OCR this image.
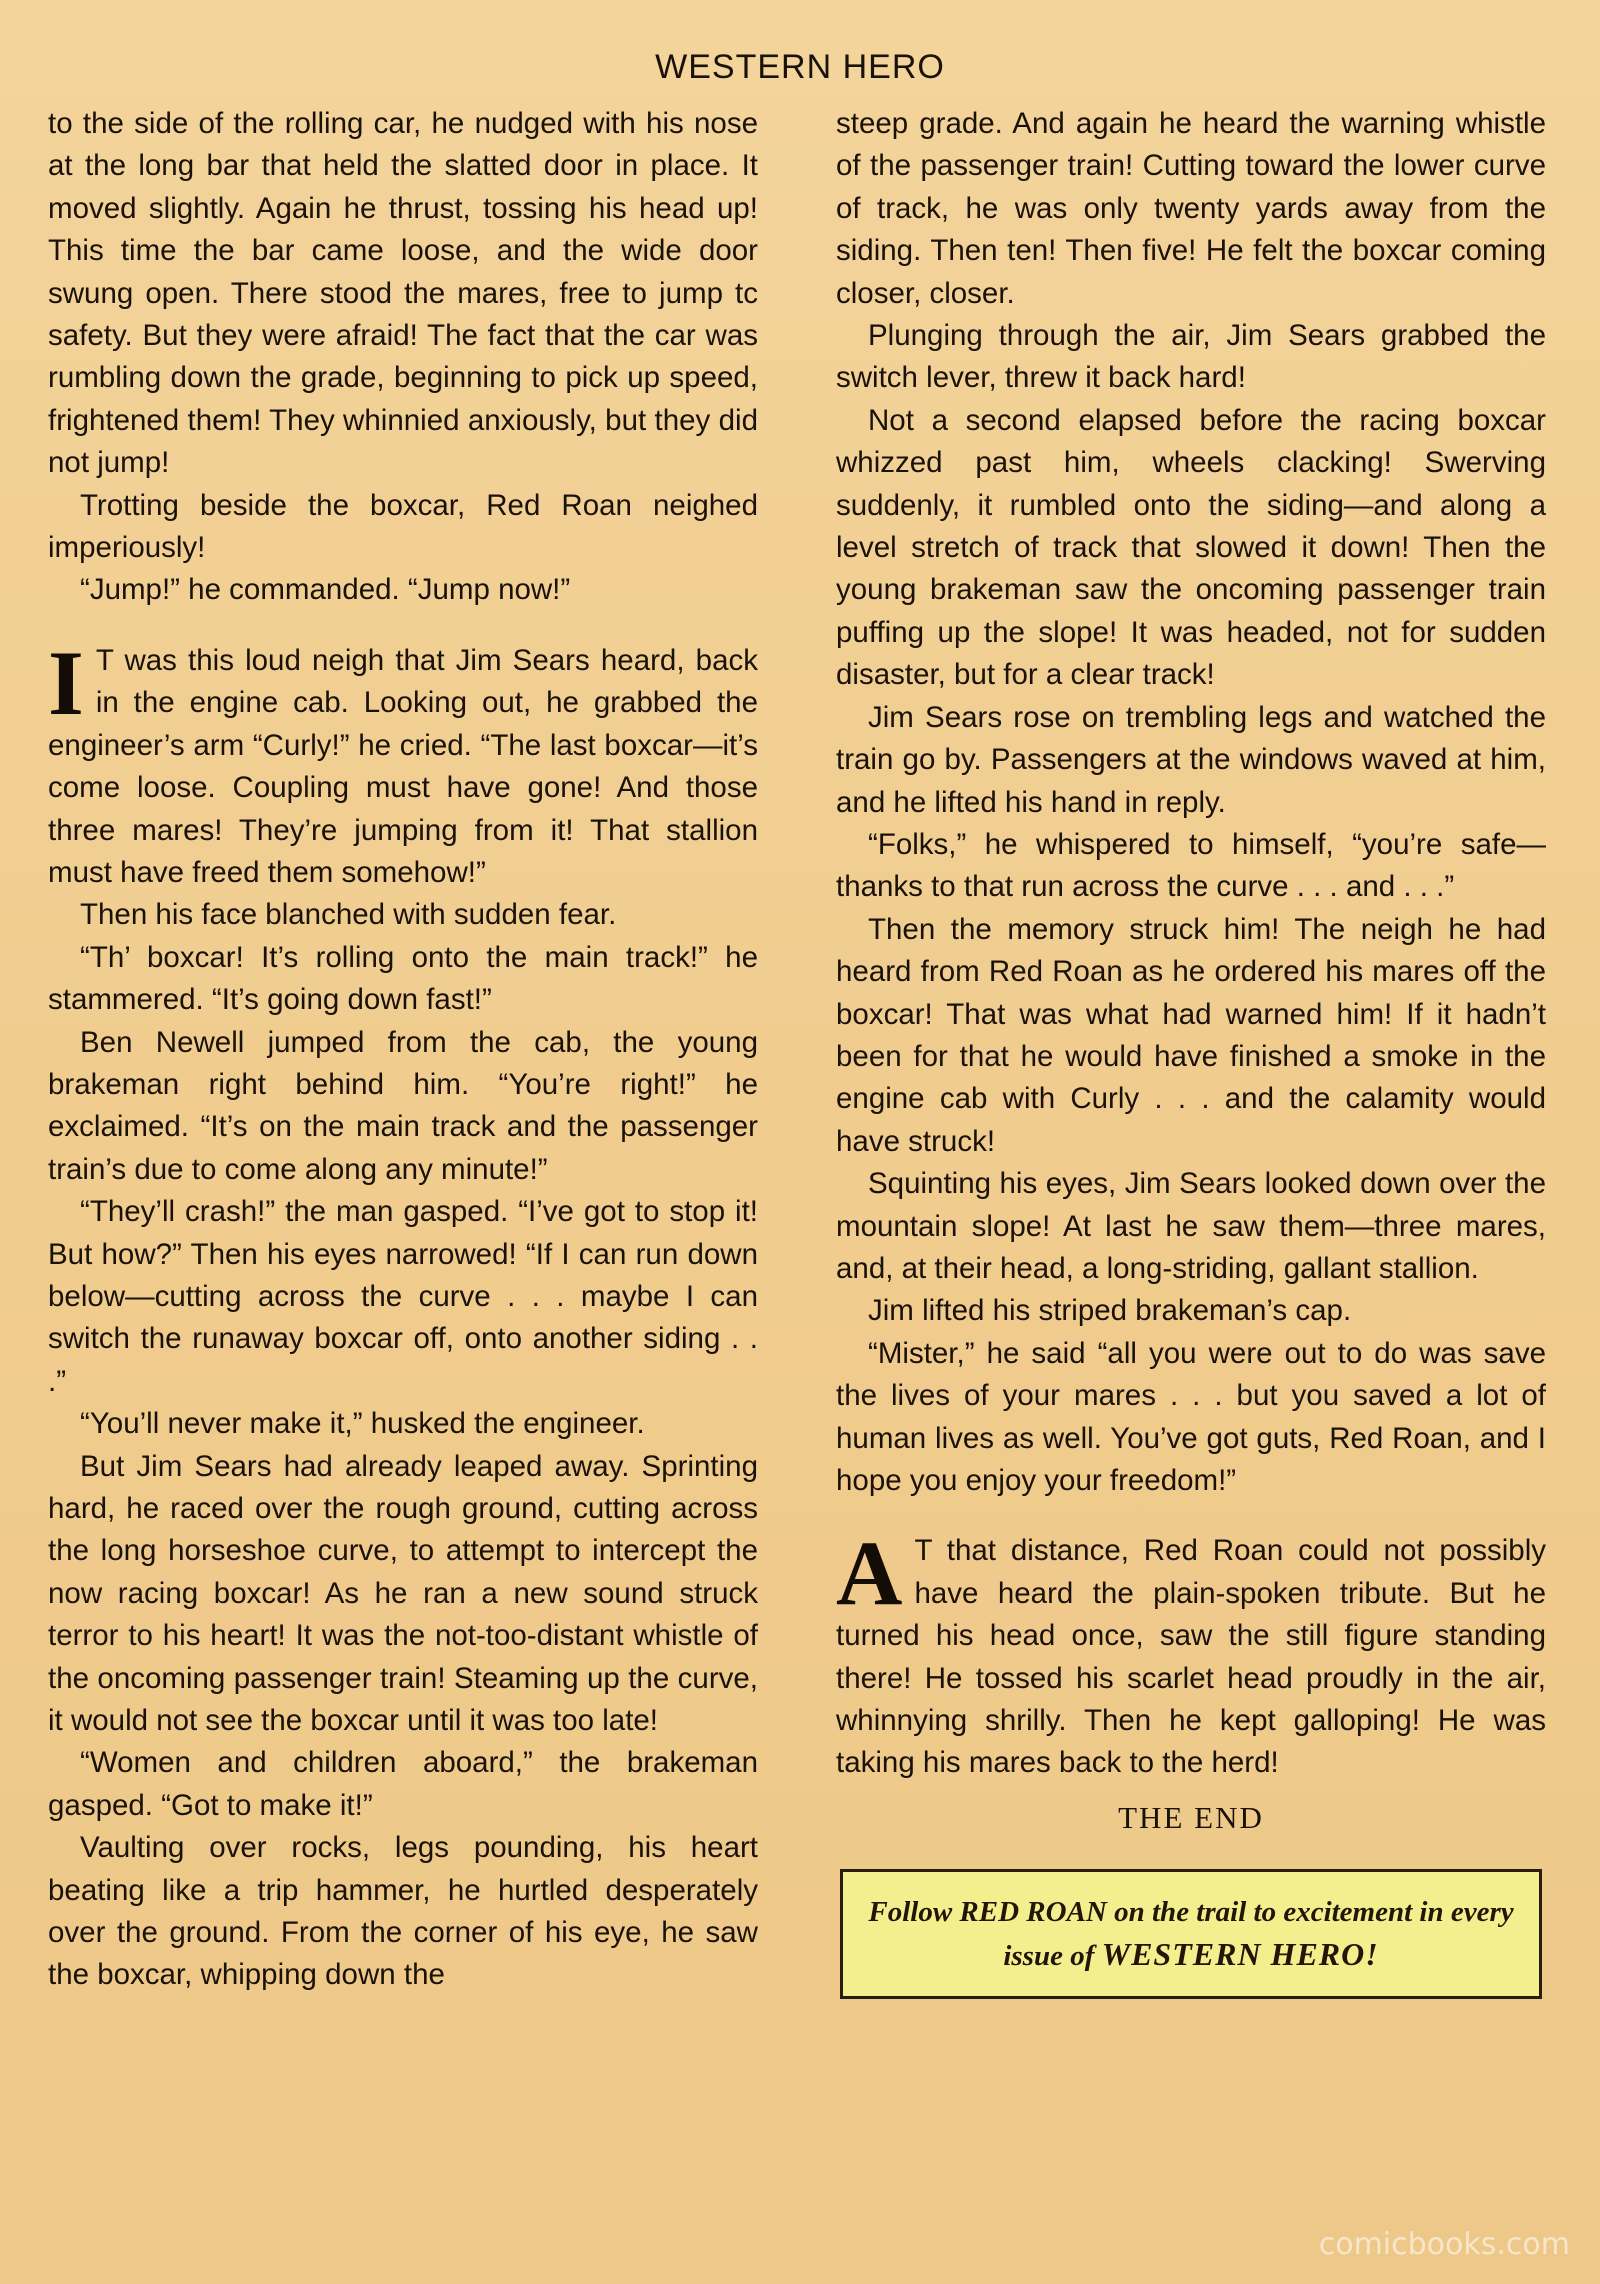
WESTERN HERO

to the side of the rolling car, he nudged with his nose at the long bar that held the slatted door in place. It moved slightly. Again he thrust, tossing his head up! This time the bar came loose, and the wide door swung open. There stood the mares, free to jump tc safety. But they were afraid! The fact that the car was rumbling down the grade, beginning to pick up speed, frightened them! They whinnied anxiously, but they did not jump!

Trotting beside the boxcar, Red Roan neighed imperiously!

“Jump!” he commanded. “Jump now!”

I T was this loud neigh that Jim Sears heard, back in the engine cab. Looking out, he grabbed the engineer’s arm “Curly!” he cried. “The last boxcar—it’s come loose. Coupling must have gone! And those three mares! They’re jumping from it! That stallion must have freed them somehow!”

Then his face blanched with sudden fear.

“Th’ boxcar! It’s rolling onto the main track!” he stammered. “It’s going down fast!”

Ben Newell jumped from the cab, the young brakeman right behind him. “You’re right!” he exclaimed. “It’s on the main track and the passenger train’s due to come along any minute!”

“They’ll crash!” the man gasped. “I’ve got to stop it! But how?” Then his eyes narrowed! “If I can run down below—cutting across the curve . . . maybe I can switch the runaway boxcar off, onto another siding . . .”

“You’ll never make it,” husked the engineer.

But Jim Sears had already leaped away. Sprinting hard, he raced over the rough ground, cutting across the long horseshoe curve, to attempt to intercept the now racing boxcar! As he ran a new sound struck terror to his heart! It was the not-too-distant whistle of the oncoming passenger train! Steaming up the curve, it would not see the boxcar until it was too late!

“Women and children aboard,” the brakeman gasped. “Got to make it!”

Vaulting over rocks, legs pounding, his heart beating like a trip hammer, he hurtled desperately over the ground. From the corner of his eye, he saw the boxcar, whipping down the

steep grade. And again he heard the warning whistle of the passenger train! Cutting toward the lower curve of track, he was only twenty yards away from the siding. Then ten! Then five! He felt the boxcar coming closer, closer.

Plunging through the air, Jim Sears grabbed the switch lever, threw it back hard!

Not a second elapsed before the racing boxcar whizzed past him, wheels clacking! Swerving suddenly, it rumbled onto the siding—and along a level stretch of track that slowed it down! Then the young brakeman saw the oncoming passenger train puffing up the slope! It was headed, not for sudden disaster, but for a clear track!

Jim Sears rose on trembling legs and watched the train go by. Passengers at the windows waved at him, and he lifted his hand in reply.

“Folks,” he whispered to himself, “you’re safe—thanks to that run across the curve . . . and . . .”

Then the memory struck him! The neigh he had heard from Red Roan as he ordered his mares off the boxcar! That was what had warned him! If it hadn’t been for that he would have finished a smoke in the engine cab with Curly . . . and the calamity would have struck!

Squinting his eyes, Jim Sears looked down over the mountain slope! At last he saw them—three mares, and, at their head, a long-striding, gallant stallion.

Jim lifted his striped brakeman’s cap.

“Mister,” he said “all you were out to do was save the lives of your mares . . . but you saved a lot of human lives as well. You’ve got guts, Red Roan, and I hope you enjoy your freedom!”

A T that distance, Red Roan could not possibly have heard the plain-spoken tribute. But he turned his head once, saw the still figure standing there! He tossed his scarlet head proudly in the air, whinnying shrilly. Then he kept galloping! He was taking his mares back to the herd!

THE END
Follow RED ROAN on the trail to excitement in every issue of WESTERN HERO!
comicbooks.com
